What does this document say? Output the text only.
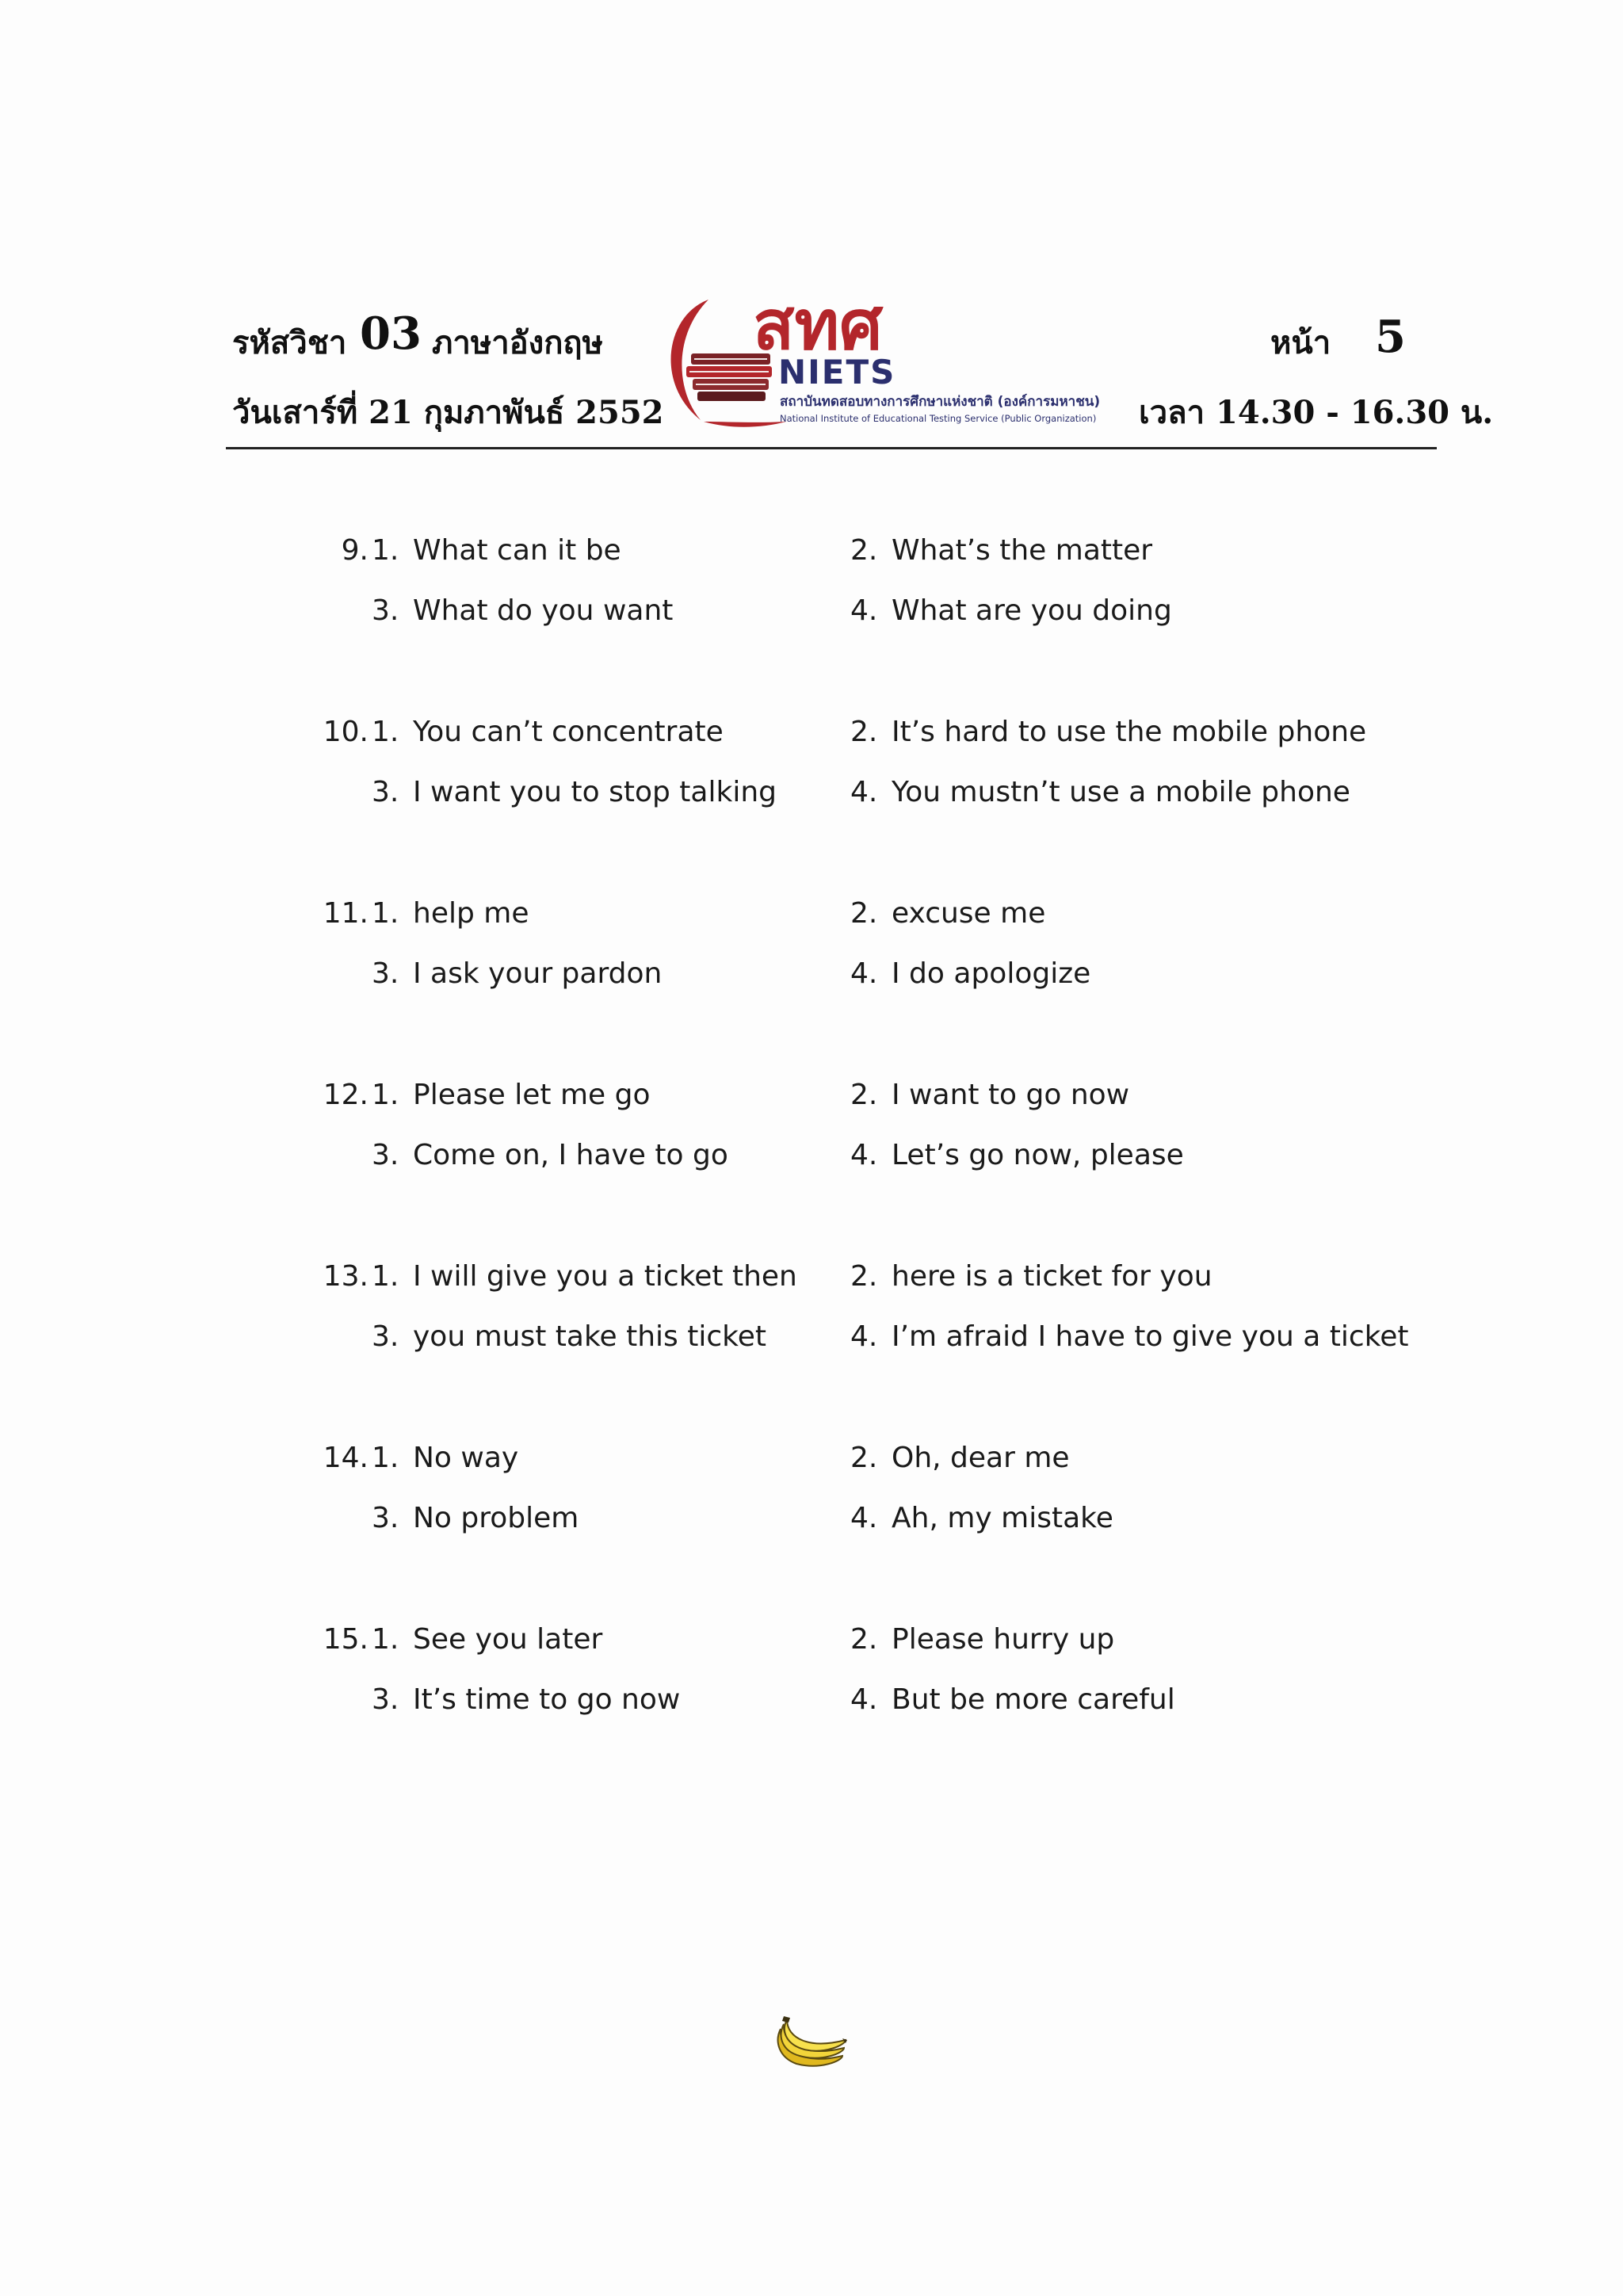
รหัสวิชา 03 ภาษาอังกฤษ
วันเสาร์ที่ 21 กุมภาพันธ์ 2552
หน้า 5
เวลา 14.30 - 16.30 น.
สทศ
NIETS
สถาบันทดสอบทางการศึกษาแห่งชาติ (องค์การมหาชน)
National Institute of Educational Testing Service (Public Organization)
9. 1. What can it be	2. What’s the matter
3. What do you want	4. What are you doing
10. 1. You can’t concentrate	2. It’s hard to use the mobile phone
3. I want you to stop talking	4. You mustn’t use a mobile phone
11. 1. help me	2. excuse me
3. I ask your pardon	4. I do apologize
12. 1. Please let me go	2. I want to go now
3. Come on, I have to go	4. Let’s go now, please
13. 1. I will give you a ticket then 2. here is a ticket for you
3. you must take this ticket	4. I’m afraid I have to give you a ticket
14. 1. No way	2. Oh, dear me
3. No problem	4. Ah, my mistake
15. 1. See you later	2. Please hurry up
3. It’s time to go now	4. But be more careful
